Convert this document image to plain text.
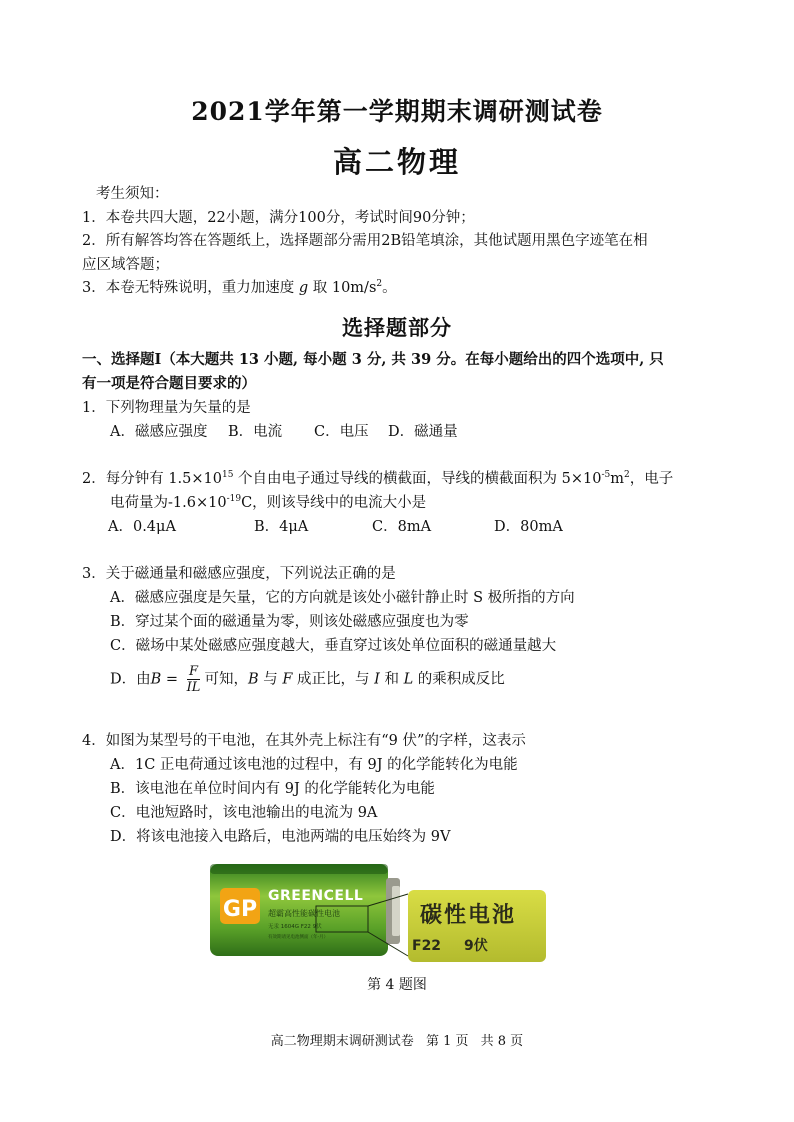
2021学年第一学期期末调研测试卷
高二物理
考生须知：
1．本卷共四大题，22小题，满分100分，考试时间90分钟；
2．所有解答均答在答题纸上，选择题部分需用2B铅笔填涂，其他试题用黑色字迹笔在相
应区域答题；
3．本卷无特殊说明，重力加速度 g 取 $10m/s^2$。
选择题部分
一、选择题Ⅰ（本大题共 13 小题, 每小题 3 分, 共 39 分。在每小题给出的四个选项中, 只
有一项是符合题目要求的）
1．下列物理量为矢量的是
A．磁感应强度	B．电流	C．电压	D．磁通量
2．每分钟有 $1.5\times 10^{15}$ 个自由电子通过导线的横截面，导线的横截面积为 $5\times 10^{-5}m^2$，电子
电荷量为$-1.6\times 10^{-19}C$，则该导线中的电流大小是
A．0.4μA	B．4μA	C．8mA	D．80mA
3．关于磁通量和磁感应强度，下列说法正确的是
A．磁感应强度是矢量，它的方向就是该处小磁针静止时 S 极所指的方向
B．穿过某个面的磁通量为零，则该处磁感应强度也为零
C．磁场中某处磁感应强度越大，垂直穿过该处单位面积的磁通量越大
D．由$B = \frac{F}{IL}$ 可知，B 与 F 成正比，与 I 和 L 的乘积成反比
4．如图为某型号的干电池，在其外壳上标注有“9 伏”的字样，这表示
A．1C 正电荷通过该电池的过程中，有 9J 的化学能转化为电能
B．该电池在单位时间内有 9J 的化学能转化为电能
C．电池短路时，该电池输出的电流为 9A
D．将该电池接入电路后，电池两端的电压始终为 9V
GP
GREENCELL
超霸高性能碳性电池
无汞 1604G F22 9伏
有效期请见电池侧面（年-月）
碳性电池
F22 9伏
第 4 题图
高二物理期末调研测试卷 第 1 页 共 8 页
